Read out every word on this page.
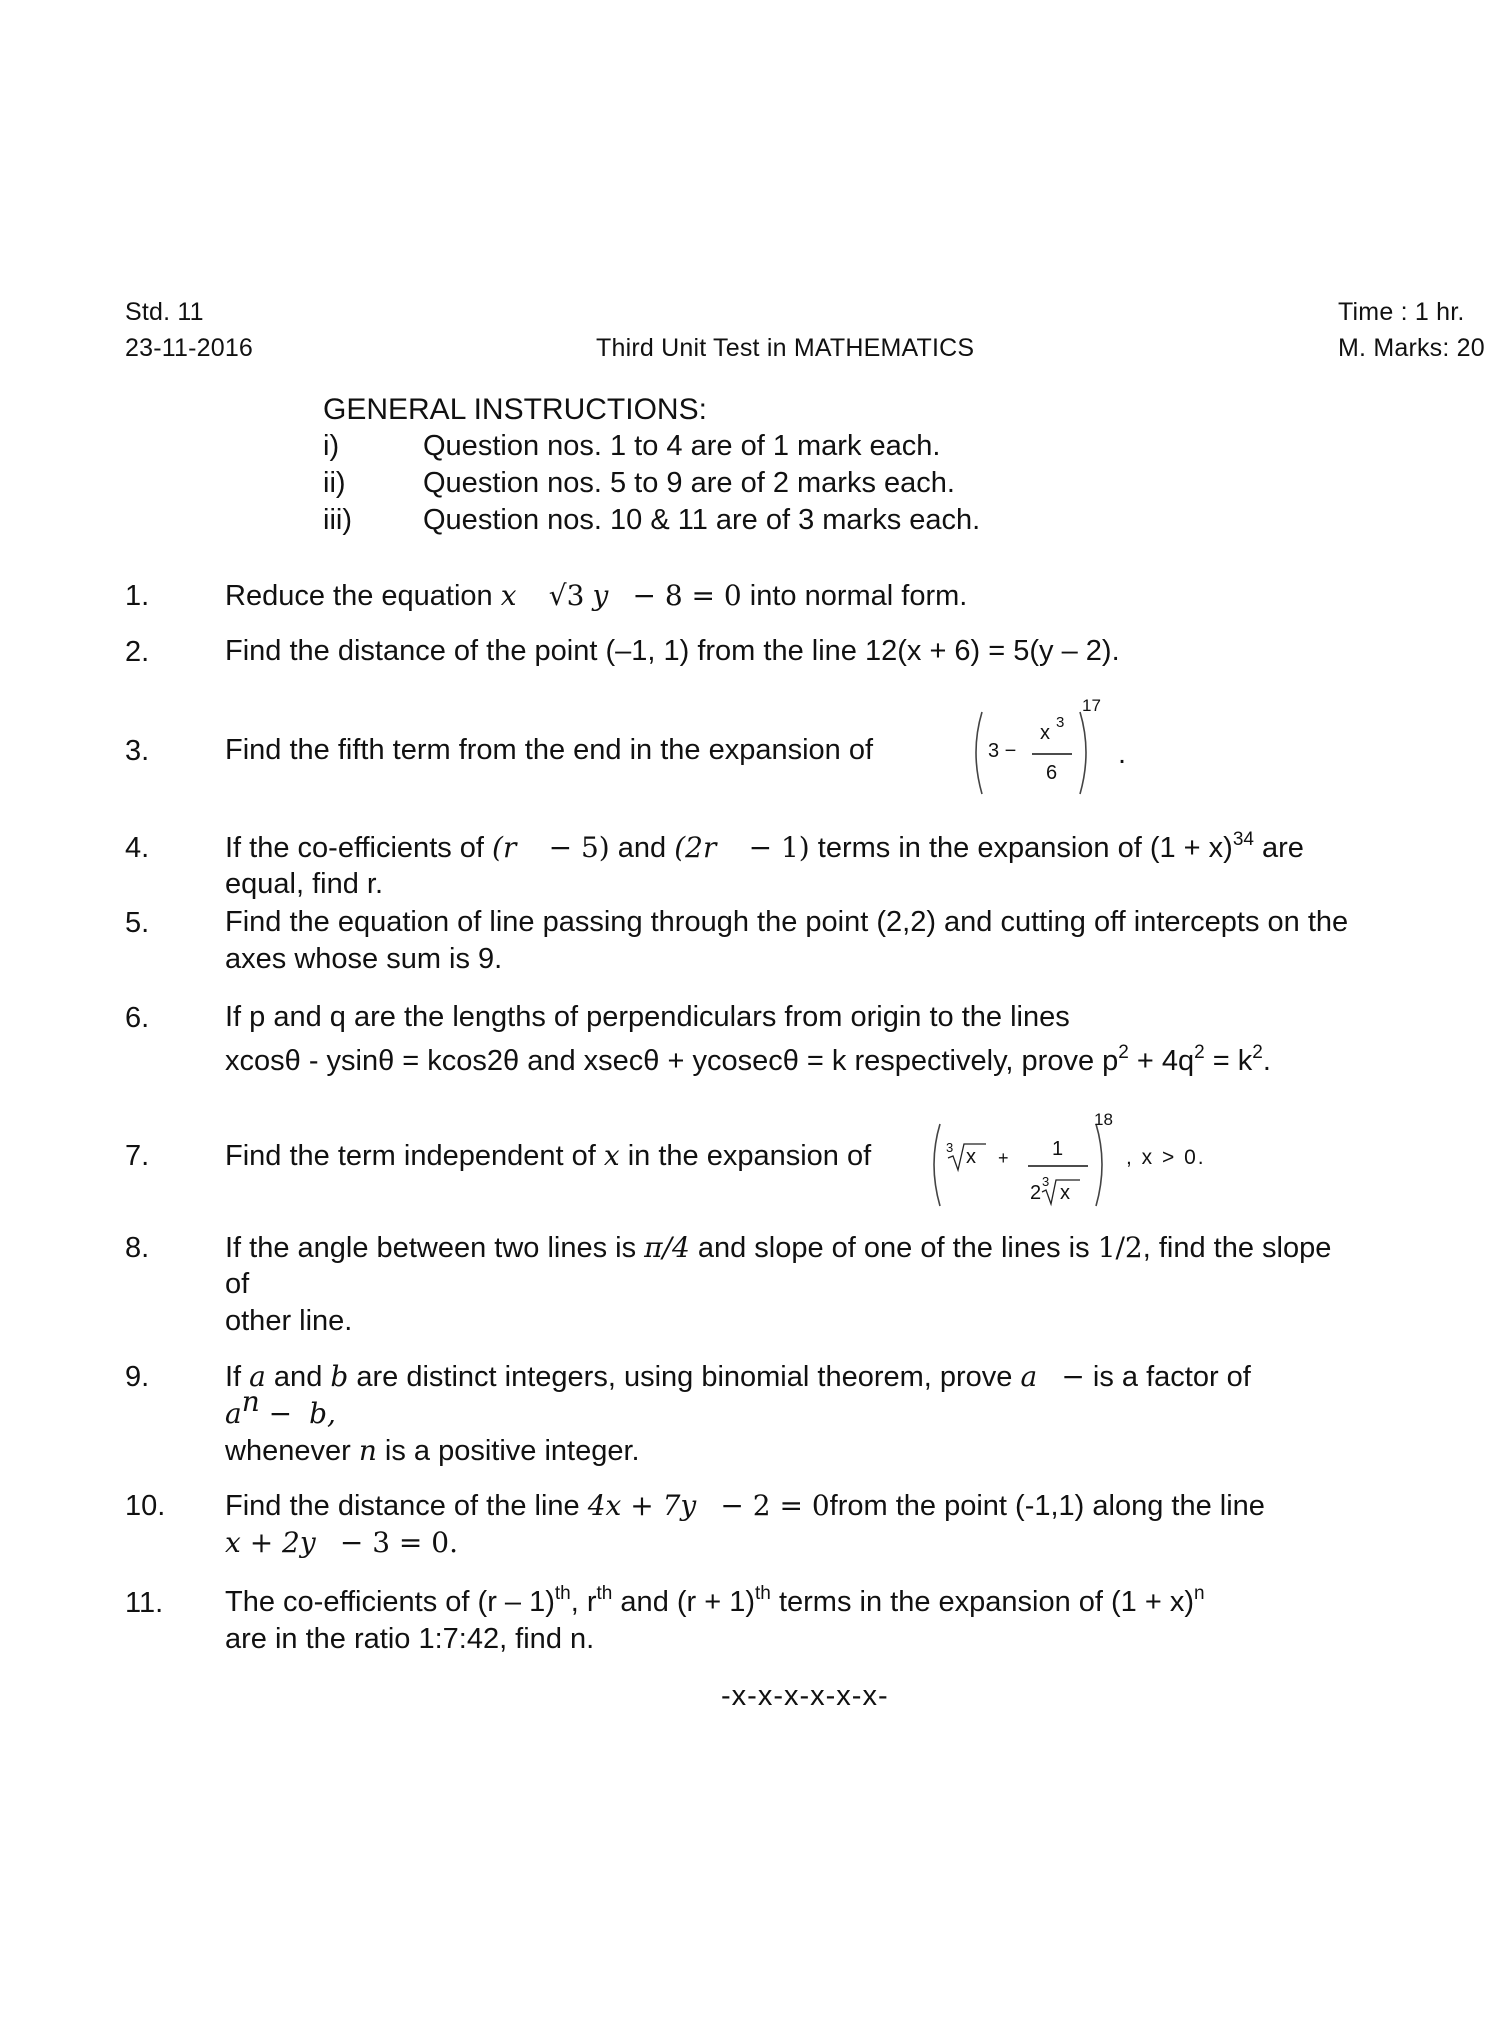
Std. 11
23-11-2016	Third Unit Test in MATHEMATICS
Time : 1 hr.
M. Marks: 20
GENERAL INSTRUCTIONS:
i)	Question nos. 1 to 4 are of 1 mark each.
ii)	Question nos. 5 to 9 are of 2 marks each.
iii) Question nos. 10 & 11 are of 3 marks each.
1.	Reduce the equation x √3 y − 8 = 0 into normal form.
2.	Find the distance of the point (–1, 1) from the line 12(x + 6) = 5(y – 2).
3.	Find the fifth term from the end in the expansion of	3 −
x 3
6
17
.
4.	If the co-efficients of (r − 5) and (2r − 1) terms in the expansion of $(1 + x)^{34}$ are
equal, find r.
5.	Find the equation of line passing through the point (2,2) and cutting off intercepts on the
axes whose sum is 9.
6.	If p and q are the lengths of perpendiculars from origin to the lines
xcosθ - ysinθ = kcos2θ and xsecθ + ycosecθ = k respectively, prove $p^2 + 4q^2 = k^2$.
7.	Find the term independent of x in the expansion of	3 x + 1
2
3
x
18
, x > 0.
8.	If the angle between two lines is π/4 and slope of one of the lines is 1/2, find the slope
of
other line.
9.	If a and b are distinct integers, using binomial theorem, prove a − is a factor of
$a^n - b$,
whenever n is a positive integer.
10. Find the distance of the line 4x + 7y − 2 = 0from the point (-1,1) along the line
x + 2y − 3 = 0.
11. The co-efficients of (r – 1)$^{th}$, $r^{th}$ and $(r + 1)^{th}$ terms in the expansion of $(1 + x)^n$
are in the ratio 1:7:42, find n.
-x-x-x-x-x-x-
